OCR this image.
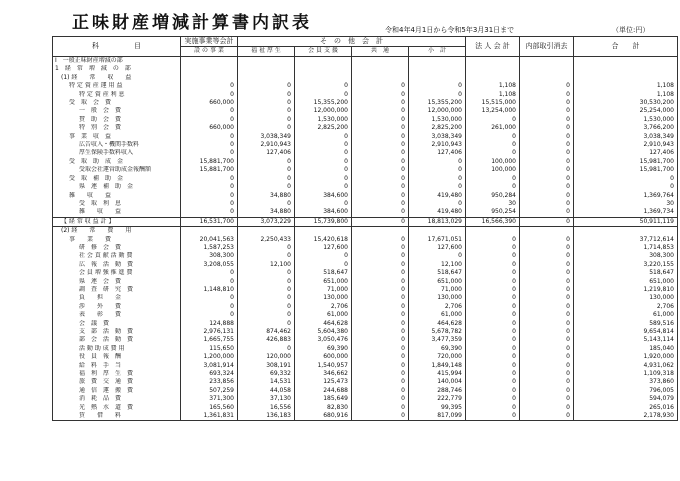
正味財産増減計算書内訳表	令和4年4月1日から令和5年3月31日まで	（単位:円）
科　　　　　目	実施事業等会計	そ　の　他　会　計				法 人 会 計	内部取引消去	合　　計
	設 の 事 業	福 祉 厚 生	会 員 支 援	共　通	小　計			
Ⅰ　一般正味財産増減の部								
1　経　常　増　減　の　部								
(1) 経　　常　　収　　益								
特 定 資 産 運 用 益	0	0	0	0	0	1,108	0	1,108
特 定 資 産 利 息	0	0	0	0	0	1,108	0	1,108
受　取　会　費	660,000	0	15,355,200	0	15,355,200	15,515,000	0	30,530,200
一　般　会　費	0	0	12,000,000	0	12,000,000	13,254,000	0	25,254,000
賛　助　会　費	0	0	1,530,000	0	1,530,000	0	0	1,530,000
特　別　会　費	660,000	0	2,825,200	0	2,825,200	261,000	0	3,766,200
事　業　収　益	0	3,038,349	0	0	3,038,349	0	0	3,038,349
広告収入・機関手数料	0	2,910,943	0	0	2,910,943	0	0	2,910,943
厚生保険手数料収入	0	127,406	0	0	127,406	0	0	127,406
受　取　助　成　金	15,881,700	0	0	0	0	100,000	0	15,981,700
受取会社運営助成金報酬額	15,881,700	0	0	0	0	100,000	0	15,981,700
受　取　補　助　金	0	0	0	0	0	0	0	0
県　連　補　助　金	0	0	0	0	0	0	0	0
雑　　収　　益	0	34,880	384,600	0	419,480	950,284	0	1,369,764
受　取　利　息	0	0	0	0	0	30	0	30
雑　　収　　益	0	34,880	384,600	0	419,480	950,254	0	1,369,734
【 経 常 収 益 計 】	16,531,700	3,073,229	15,739,800	0	18,813,029	16,566,390	0	50,911,119
(2) 経　　常　　費　　用								
事　　業　　費	20,041,563	2,250,433	15,420,618	0	17,671,051	0	0	37,712,614
研　修　会　費	1,587,253	0	127,600	0	127,600	0	0	1,714,853
社 会 貢 献 活 動 費	308,300	0	0	0	0	0	0	308,300
広　報　活　動　費	3,208,055	12,100	0	0	12,100	0	0	3,220,155
会 員 増 強 推 進 費	0	0	518,647	0	518,647	0	0	518,647
県　連　会　費	0	0	651,000	0	651,000	0	0	651,000
調　査　研　究　費	1,148,810	0	71,000	0	71,000	0	0	1,219,810
負　　担　　金	0	0	130,000	0	130,000	0	0	130,000
渉　　外　　費	0	0	2,706	0	2,706	0	0	2,706
表　　彰　　費	0	0	61,000	0	61,000	0	0	61,000
会　議　費	124,888	0	464,628	0	464,628	0	0	589,516
支　部　活　動　費	2,976,131	874,462	5,604,380	0	5,678,782	0	0	9,654,814
部　会　活　動　費	1,665,755	426,883	3,050,476	0	3,477,359	0	0	5,143,114
活 動 助 成 費 用	115,650	0	69,390	0	69,390	0	0	185,040
役　員　報　酬	1,200,000	120,000	600,000	0	720,000	0	0	1,920,000
給　料　手　当	3,081,914	308,191	1,540,957	0	1,849,148	0	0	4,931,062
福　利　厚　生　費	693,324	69,332	346,662	0	415,994	0	0	1,109,318
旅　費　交　通　費	233,856	14,531	125,473	0	140,004	0	0	373,860
通　信　運　搬　費	507,259	44,058	244,688	0	288,746	0	0	796,005
消　耗　品　費	371,300	37,130	185,649	0	222,779	0	0	594,079
光　熱　水　道　費	165,560	16,556	82,830	0	99,395	0	0	265,016
賃　　借　　料	1,361,831	136,183	680,916	0	817,099	0	0	2,178,930
